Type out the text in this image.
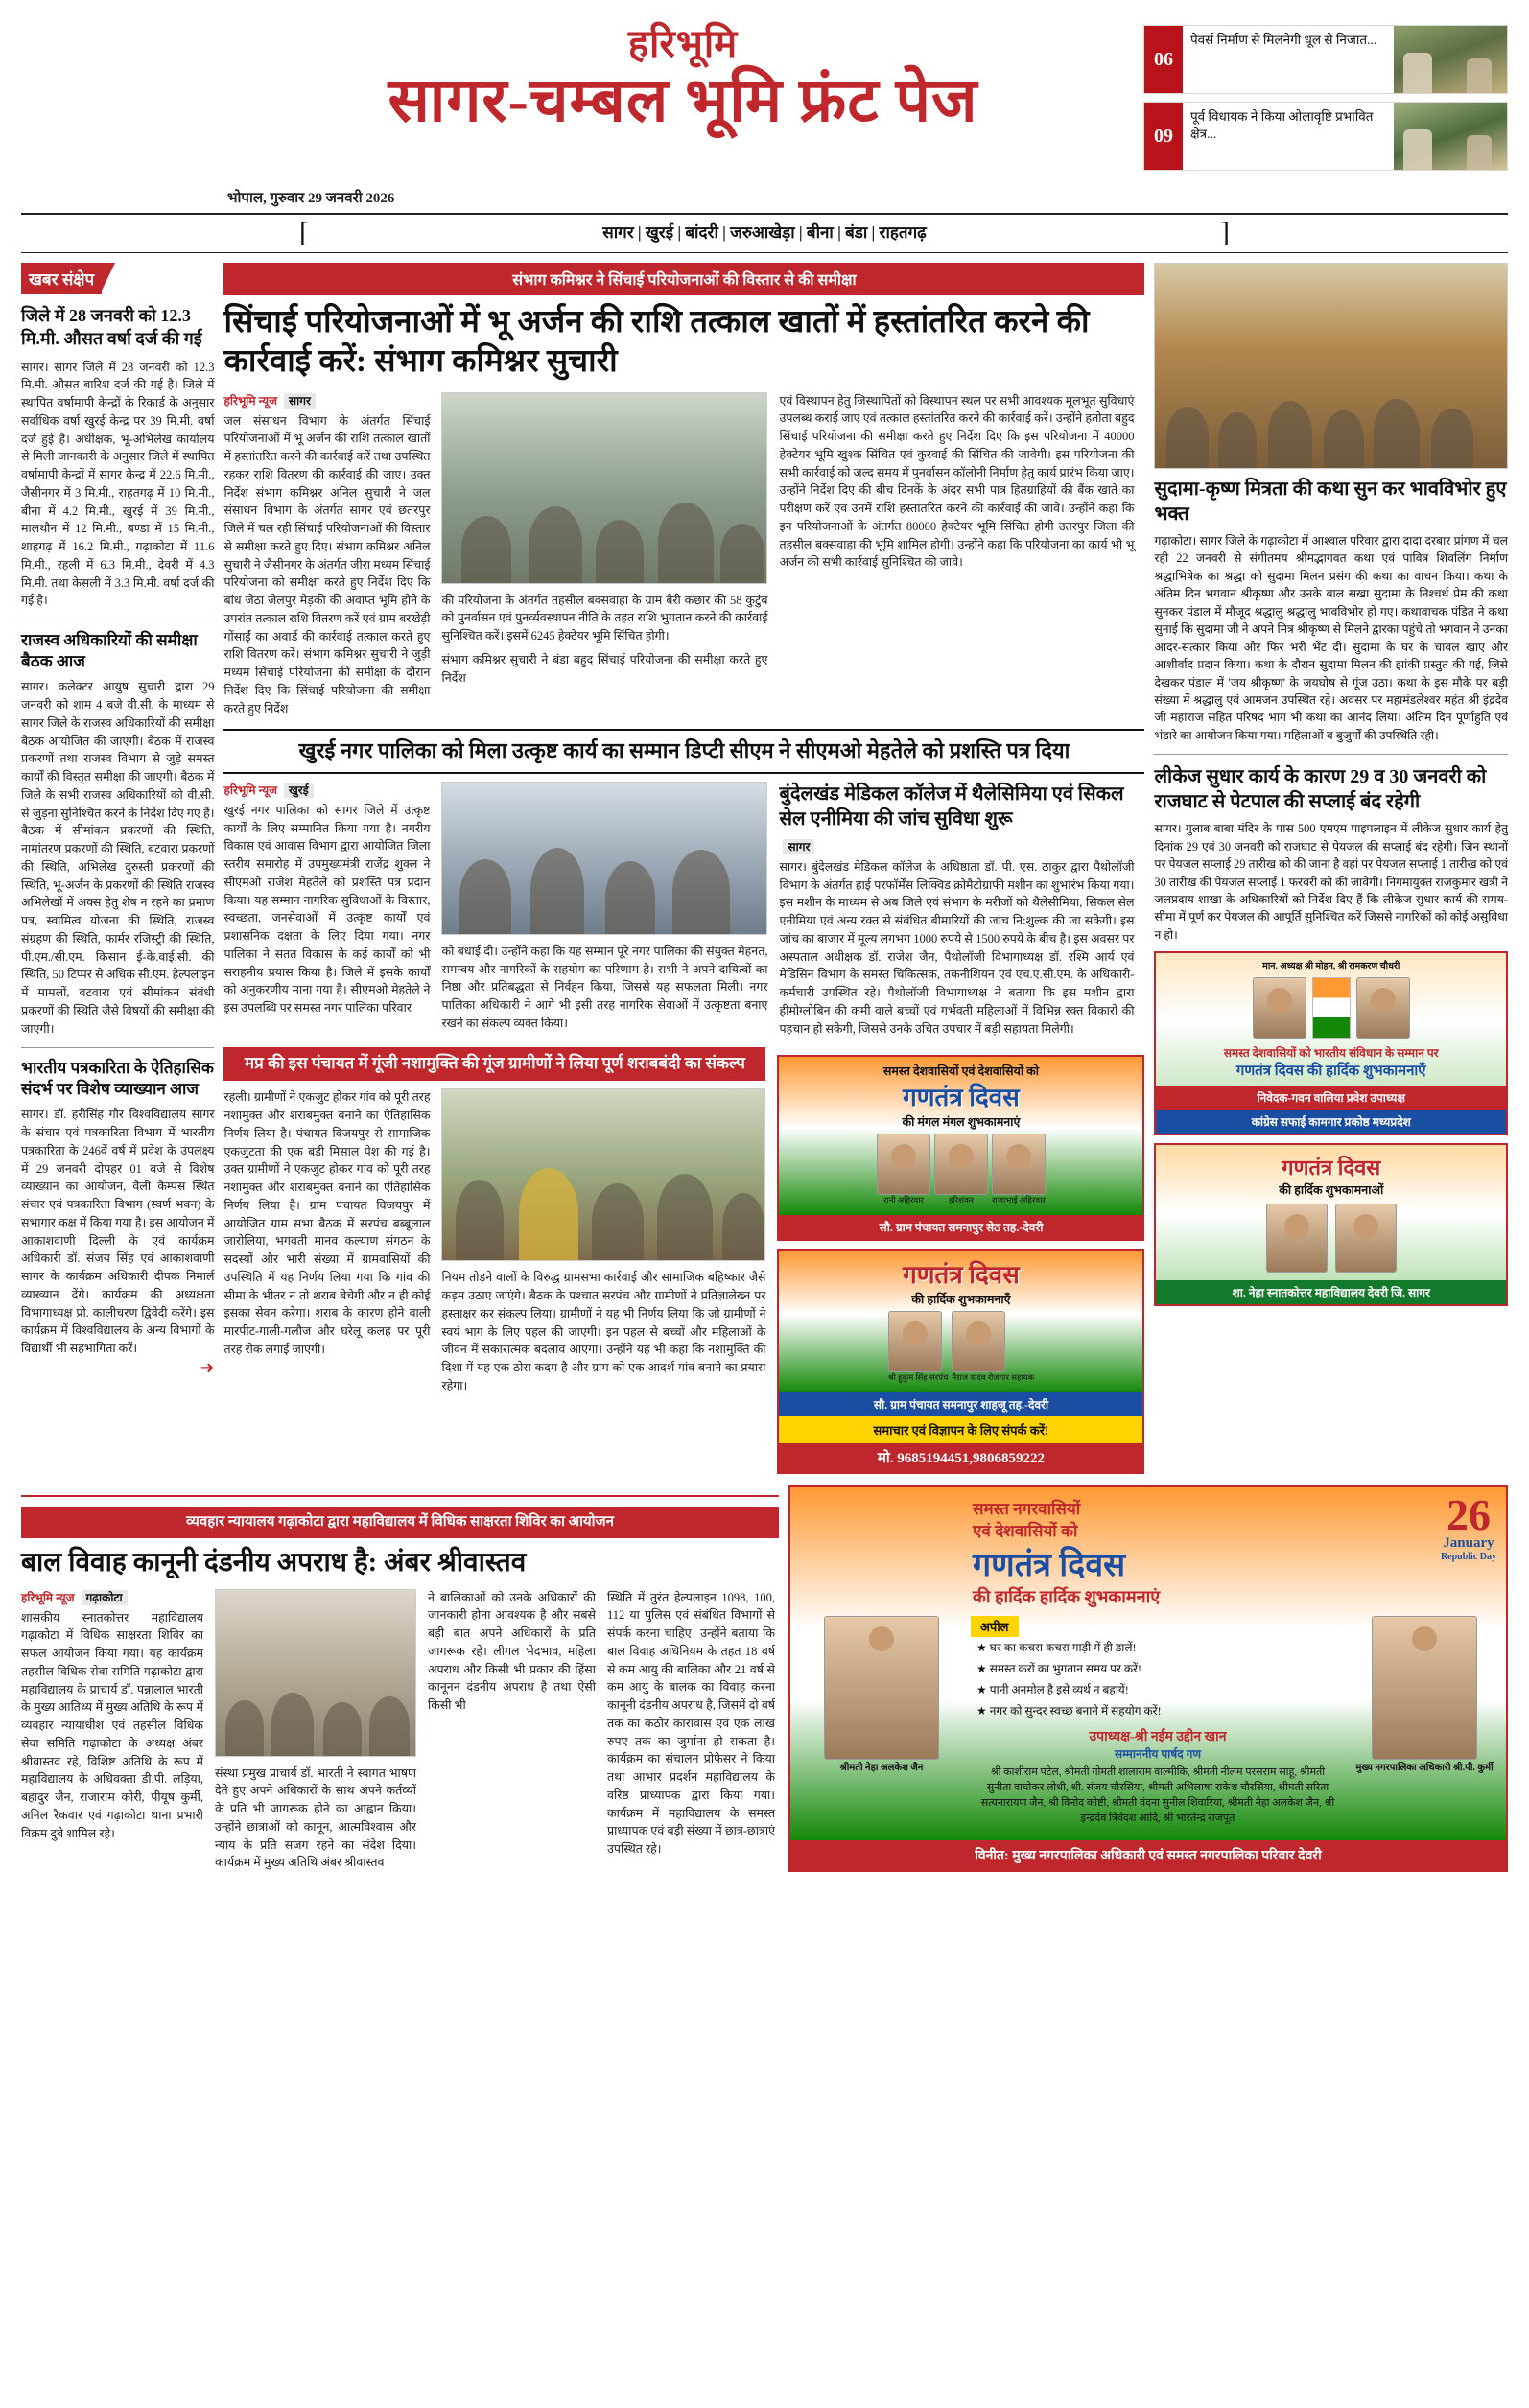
हरिभूमि
सागर-चम्बल भूमि फ्रंट पेज
भोपाल, गुरुवार 29 जनवरी 2026
06
पेवर्स निर्माण से मिलनेगी धूल से निजात...
09
पूर्व विधायक ने किया ओलावृष्टि प्रभावित क्षेत्र...
[	]
सागर | खुरई | बांदरी | जरुआखेड़ा | बीना | बंडा | राहतगढ़
खबर संक्षेप
जिले में 28 जनवरी को 12.3 मि.मी. औसत वर्षा दर्ज की गई
सागर। सागर जिले में 28 जनवरी को 12.3 मि.मी. औसत बारिश दर्ज की गई है। जिले में स्थापित वर्षामापी केन्द्रों के रिकार्ड के अनुसार सर्वाधिक वर्षा खुरई केन्द्र पर 39 मि.मी. वर्षा दर्ज हुई है। अधीक्षक, भू-अभिलेख कार्यालय से मिली जानकारी के अनुसार जिले में स्थापित वर्षामापी केन्द्रों में सागर केन्द्र में 22.6 मि.मी., जैसीनगर में 3 मि.मी., राहतगढ़ में 10 मि.मी., बीना में 4.2 मि.मी., खुरई में 39 मि.मी., मालथौन में 12 मि.मी., बण्डा में 15 मि.मी., शाहगढ़ में 16.2 मि.मी., गढ़ाकोटा में 11.6 मि.मी., रहली में 6.3 मि.मी., देवरी में 4.3 मि.मी. तथा केसली में 3.3 मि.मी. वर्षा दर्ज की गई है।
राजस्व अधिकारियों की समीक्षा बैठक आज
सागर। कलेक्टर आयुष सुचारी द्वारा 29 जनवरी को शाम 4 बजे वी.सी. के माध्यम से सागर जिले के राजस्व अधिकारियों की समीक्षा बैठक आयोजित की जाएगी। बैठक में राजस्व प्रकरणों तथा राजस्व विभाग से जुड़े समस्त कार्यों की विस्तृत समीक्षा की जाएगी। बैठक में जिले के सभी राजस्व अधिकारियों को वी.सी. से जुड़ना सुनिश्चित करने के निर्देश दिए गए हैं। बैठक में सीमांकन प्रकरणों की स्थिति, नामांतरण प्रकरणों की स्थिति, बटवारा प्रकरणों की स्थिति, अभिलेख दुरुस्ती प्रकरणों की स्थिति, भू-अर्जन के प्रकरणों की स्थिति राजस्व अभिलेखों में अक्स हेतु शेष न रहने का प्रमाण पत्र, स्वामित्व योजना की स्थिति, राजस्व संग्रहण की स्थिति, फार्मर रजिस्ट्री की स्थिति, पी.एम./सी.एम. किसान ई-के.वाई.सी. की स्थिति, 50 टिप्पर से अधिक सी.एम. हेल्पलाइन में मामलों, बटवारा एवं सीमांकन संबंधी प्रकरणों की स्थिति जैसे विषयों की समीक्षा की जाएगी।
भारतीय पत्रकारिता के ऐतिहासिक संदर्भ पर विशेष व्याख्यान आज
सागर। डॉ. हरीसिंह गौर विश्वविद्यालय सागर के संचार एवं पत्रकारिता विभाग में भारतीय पत्रकारिता के 246वें वर्ष में प्रवेश के उपलक्ष्य में 29 जनवरी दोपहर 01 बजे से विशेष व्याख्यान का आयोजन, वैली कैम्पस स्थित संचार एवं पत्रकारिता विभाग (स्वर्ण भवन) के सभागार कक्ष में किया गया है। इस आयोजन में आकाशवाणी दिल्ली के एवं कार्यक्रम अधिकारी डॉ. संजय सिंह एवं आकाशवाणी सागर के कार्यक्रम अधिकारी दीपक निमार्ल व्याख्यान देंगे। कार्यक्रम की अध्यक्षता विभागाध्यक्ष प्रो. कालीचरण द्विवेदी करेंगे। इस कार्यक्रम में विश्वविद्यालय के अन्य विभागों के विद्यार्थी भी सहभागिता करें।
➜
संभाग कमिश्नर ने सिंचाई परियोजनाओं की विस्तार से की समीक्षा
सिंचाई परियोजनाओं में भू अर्जन की राशि तत्काल खातों में हस्तांतरित करने की कार्रवाई करें: संभाग कमिश्नर सुचारी
हरिभूमि न्यूज सागर
जल संसाधन विभाग के अंतर्गत सिंचाई परियोजनाओं में भू अर्जन की राशि तत्काल खातों में हस्तांतरित करने की कार्रवाई करें तथा उपस्थित रहकर राशि वितरण की कार्रवाई की जाए। उक्त निर्देश संभाग कमिश्नर अनिल सुचारी ने जल संसाधन विभाग के अंतर्गत सागर एवं छतरपुर जिले में चल रही सिंचाई परियोजनाओं की विस्तार से समीक्षा करते हुए दिए। संभाग कमिश्नर अनिल सुचारी ने जैसीनगर के अंतर्गत जीरा मध्यम सिंचाई परियोजना को समीक्षा करते हुए निर्देश दिए कि बांध जेठा जेलपुर मेड़की की अवाप्त भूमि होने के उपरांत तत्काल राशि वितरण करें एवं ग्राम बरखेड़ी गोंसाईं का अवार्ड की कार्रवाई तत्काल करते हुए राशि वितरण करें। संभाग कमिश्नर सुचारी ने जुड़ी मध्यम सिंचाई परियोजना की समीक्षा के दौरान निर्देश दिए कि सिंचाई परियोजना की समीक्षा करते हुए निर्देश
की परियोजना के अंतर्गत तहसील बक्सवाहा के ग्राम बैरी कछार की 58 कुटुंब को पुनर्वासन एवं पुनर्व्यवस्थापन नीति के तहत राशि भुगतान करने की कार्रवाई सुनिश्चित करें। इसमें 6245 हेक्टेयर भूमि सिंचित होगी।
संभाग कमिश्नर सुचारी ने बंडा बहुद सिंचाई परियोजना की समीक्षा करते हुए निर्देश
एवं विस्थापन हेतु जिस्थापितों को विस्थापन स्थल पर सभी आवश्यक मूलभूत सुविधाएं उपलब्ध कराई जाए एवं तत्काल हस्तांतरित करने की कार्रवाई करें। उन्होंने हतोता बहुद सिंचाई परियोजना की समीक्षा करते हुए निर्देश दिए कि इस परियोजना में 40000 हेक्टेयर भूमि खुश्क सिंचित एवं कुरवाई की सिंचित की जावेगी। इस परियोजना की सभी कार्रवाई को जल्द समय में पुनर्वासन कॉलोनी निर्माण हेतु कार्य प्रारंभ किया जाए। उन्होंने निर्देश दिए की बीच दिनकें के अंदर सभी पात्र हितग्राहियों की बैंक खाते का परीक्षण करें एवं उनमें राशि हस्तांतरित करने की कार्रवाई की जावे। उन्होंने कहा कि इन परियोजनाओं के अंतर्गत 80000 हेक्टेयर भूमि सिंचित होगी उतरपुर जिला की तहसील बक्सवाहा की भूमि शामिल होगी। उन्होंने कहा कि परियोजना का कार्य भी भू अर्जन की सभी कार्रवाई सुनिश्चित की जावे।
खुरई नगर पालिका को मिला उत्कृष्ट कार्य का सम्मान डिप्टी सीएम ने सीएमओ मेहतेले को प्रशस्ति पत्र दिया
हरिभूमि न्यूज खुरई
खुरई नगर पालिका को सागर जिले में उत्कृष्ट कार्यों के लिए सम्मानित किया गया है। नगरीय विकास एवं आवास विभाग द्वारा आयोजित जिला स्तरीय समारोह में उपमुख्यमंत्री राजेंद्र शुक्ल ने सीएमओ राजेश मेहतेले को प्रशस्ति पत्र प्रदान किया। यह सम्मान नागरिक सुविधाओं के विस्तार, स्वच्छता, जनसेवाओं में उत्कृष्ट कार्यों एवं प्रशासनिक दक्षता के लिए दिया गया। नगर पालिका ने सतत विकास के कई कार्यों को भी सराहनीय प्रयास किया है। जिले में इसके कार्यों को अनुकरणीय माना गया है। सीएमओ मेहतेले ने इस उपलब्धि पर समस्त नगर पालिका परिवार
को बधाई दी। उन्होंने कहा कि यह सम्मान पूरे नगर पालिका की संयुक्त मेहनत, समन्वय और नागरिकों के सहयोग का परिणाम है। सभी ने अपने दायित्वों का निष्ठा और प्रतिबद्धता से निर्वहन किया, जिससे यह सफलता मिली। नगर पालिका अधिकारी ने आगे भी इसी तरह नागरिक सेवाओं में उत्कृष्टता बनाए रखने का संकल्प व्यक्त किया।
बुंदेलखंड मेडिकल कॉलेज में थैलेसिमिया एवं सिकल सेल एनीमिया की जांच सुविधा शुरू
सागर
सागर। बुंदेलखंड मेडिकल कॉलेज के अधिष्ठाता डॉ. पी. एस. ठाकुर द्वारा पैथोलॉजी विभाग के अंतर्गत हाई परफॉर्मेंस लिक्विड क्रोमैटोग्राफी मशीन का शुभारंभ किया गया। इस मशीन के माध्यम से अब जिले एवं संभाग के मरीजों को थैलेसीमिया, सिकल सेल एनीमिया एवं अन्य रक्त से संबंधित बीमारियों की जांच नि:शुल्क की जा सकेगी। इस जांच का बाजार में मूल्य लगभग 1000 रुपये से 1500 रुपये के बीच है। इस अवसर पर अस्पताल अधीक्षक डॉ. राजेश जैन, पैथोलॉजी विभागाध्यक्ष डॉ. रश्मि आर्य एवं मेडिसिन विभाग के समस्त चिकित्सक, तकनीशियन एवं एच.ए.सी.एम. के अधिकारी-कर्मचारी उपस्थित रहे। पैथोलॉजी विभागाध्यक्ष ने बताया कि इस मशीन द्वारा हीमोग्लोबिन की कमी वाले बच्चों एवं गर्भवती महिलाओं में विभिन्न रक्त विकारों की पहचान हो सकेगी, जिससे उनके उचित उपचार में बड़ी सहायता मिलेगी।
मप्र की इस पंचायत में गूंजी नशामुक्ति की गूंज ग्रामीणों ने लिया पूर्ण शराबबंदी का संकल्प
रहली। ग्रामीणों ने एकजुट होकर गांव को पूरी तरह नशामुक्त और शराबमुक्त बनाने का ऐतिहासिक निर्णय लिया है। पंचायत विजयपुर से सामाजिक एकजुटता की एक बड़ी मिसाल पेश की गई है। उक्त ग्रामीणों ने एकजुट होकर गांव को पूरी तरह नशामुक्त और शराबमुक्त बनाने का ऐतिहासिक निर्णय लिया है। ग्राम पंचायत विजयपुर में आयोजित ग्राम सभा बैठक में सरपंच बब्बूलाल जारोलिया, भगवती मानव कल्याण संगठन के सदस्यों और भारी संख्या में ग्रामवासियों की उपस्थिति में यह निर्णय लिया गया कि गांव की सीमा के भीतर न तो शराब बेचेगी और न ही कोई इसका सेवन करेगा। शराब के कारण होने वाली मारपीट-गाली-गलौज और घरेलू कलह पर पूरी तरह रोक लगाई जाएगी।
नियम तोड़ने वालों के विरुद्ध ग्रामसभा कार्रवाई और सामाजिक बहिष्कार जैसे कड़म उठाए जाएंगे। बैठक के पश्चात सरपंच और ग्रामीणों ने प्रतिज्ञालेख्न पर हस्ताक्षर कर संकल्प लिया। ग्रामीणों ने यह भी निर्णय लिया कि जो ग्रामीणों ने स्वयं भाग के लिए पहल की जाएगी। इन पहल से बच्चों और महिलाओं के जीवन में सकारात्मक बदलाव आएगा। उन्होंने यह भी कहा कि नशामुक्ति की दिशा में यह एक ठोस कदम है और ग्राम को एक आदर्श गांव बनाने का प्रयास रहेगा।
समस्त देशवासियों एवं देशवासियों को
गणतंत्र दिवस
की मंगल मंगल शुभकामनाएं
रानी अहिरवार	हरिशंकर	राजाभाई अहिरवार
सौ. ग्राम पंचायत समनापुर सेठ तह.-देवरी
गणतंत्र दिवस
की हार्दिक शुभकामनाएँ
श्री हुकुम सिंह सरपंच नैराज यादव रोजगार सहायक
सौ. ग्राम पंचायत समनापुर शाहजू तह.-देवरी
समाचार एवं विज्ञापन के लिए संपर्क करें!
मो. 9685194451,9806859222
सुदामा-कृष्ण मित्रता की कथा सुन कर भावविभोर हुए भक्त
गढ़ाकोटा। सागर जिले के गढ़ाकोटा में आश्वाल परिवार द्वारा दादा दरबार प्रांगण में चल रही 22 जनवरी से संगीतमय श्रीमद्भागवत कथा एवं पावित्र शिवलिंग निर्माण श्रद्धाभिषेक का श्रद्धा को सुदामा मिलन प्रसंग की कथा का वाचन किया। कथा के अंतिम दिन भगवान श्रीकृष्ण और उनके बाल सखा सुदामा के निश्चर्थ प्रेम की कथा सुनकर पंडाल में मौजूद श्रद्धालु श्रद्धालु भावविभोर हो गए। कथावाचक पंडित ने कथा सुनाई कि सुदामा जी ने अपने मित्र श्रीकृष्ण से मिलने द्वारका पहुंचे तो भगवान ने उनका आदर-सत्कार किया और फिर भरी भेंट दी। सुदामा के घर के चावल खाए और आशीर्वाद प्रदान किया। कथा के दौरान सुदामा मिलन की झांकी प्रस्तुत की गई, जिसे देखकर पंडाल में 'जय श्रीकृष्ण' के जयघोष से गूंज उठा। कथा के इस मौके पर बड़ी संख्या में श्रद्धालु एवं आमजन उपस्थित रहे। अवसर पर महामंडलेश्वर महंत श्री इंद्रदेव जी महाराज सहित परिषद भाग भी कथा का आनंद लिया। अंतिम दिन पूर्णाहुति एवं भंडारे का आयोजन किया गया। महिलाओं व बुजुर्गों की उपस्थिति रही।
लीकेज सुधार कार्य के कारण 29 व 30 जनवरी को राजघाट से पेटपाल की सप्लाई बंद रहेगी
सागर। गुलाब बाबा मंदिर के पास 500 एमएम पाइपलाइन में लीकेज सुधार कार्य हेतु दिनांक 29 एवं 30 जनवरी को राजघाट से पेयजल की सप्लाई बंद रहेगी। जिन स्थानों पर पेयजल सप्लाई 29 तारीख को की जाना है वहां पर पेयजल सप्लाई 1 तारीख को एवं 30 तारीख की पेयजल सप्लाई 1 फरवरी को की जावेगी। निगमायुक्त राजकुमार खत्री ने जलप्रदाय शाखा के अधिकारियों को निर्देश दिए हैं कि लीकेज सुधार कार्य की समय-सीमा में पूर्ण कर पेयजल की आपूर्ति सुनिश्चित करें जिससे नागरिकों को कोई असुविधा न हो।
मान. अध्यक्ष श्री मोहन, श्री रामकरण चौधरी
समस्त देशवासियों को भारतीय संविधान के सम्मान पर
गणतंत्र दिवस की हार्दिक शुभकामनाएँ
निवेदक-गवन वालिया प्रवेश उपाध्यक्ष
कांग्रेस सफाई कामगार प्रकोष्ठ मध्यप्रदेश
गणतंत्र दिवस
की हार्दिक शुभकामनाओं
शा. नेहा स्नातकोत्तर महाविद्यालय देवरी जि. सागर
व्यवहार न्यायालय गढ़ाकोटा द्वारा महाविद्यालय में विधिक साक्षरता शिविर का आयोजन
बाल विवाह कानूनी दंडनीय अपराध है: अंबर श्रीवास्तव
हरिभूमि न्यूज गढ़ाकोटा
शासकीय स्नातकोत्तर महाविद्यालय गढ़ाकोटा में विधिक साक्षरता शिविर का सफल आयोजन किया गया। यह कार्यक्रम तहसील विधिक सेवा समिति गढ़ाकोटा द्वारा महाविद्यालय के प्राचार्य डॉ. पन्नालाल भारती के मुख्य आतिथ्य में मुख्य अतिथि के रूप में व्यवहार न्यायाधीश एवं तहसील विधिक सेवा समिति गढ़ाकोटा के अध्यक्ष अंबर श्रीवास्तव रहे, विशिष्ट अतिथि के रूप में महाविद्यालय के अधिवक्ता डी.पी. लड़िया, बहादुर जैन, राजाराम कोरी, पीयूष कुर्मी, अनिल रैकवार एवं गढ़ाकोटा थाना प्रभारी विक्रम दुबे शामिल रहे।
संस्था प्रमुख प्राचार्य डॉ. भारती ने स्वागत भाषण देते हुए अपने अधिकारों के साथ अपने कर्तव्यों के प्रति भी जागरूक होने का आह्वान किया। उन्होंने छात्राओं को कानून, आत्मविश्वास और न्याय के प्रति सजग रहने का संदेश दिया। कार्यक्रम में मुख्य अतिथि अंबर श्रीवास्तव
ने बालिकाओं को उनके अधिकारों की जानकारी होना आवश्यक है और सबसे बड़ी बात अपने अधिकारों के प्रति जागरूक रहें। लीगल भेदभाव, महिला अपराध और किसी भी प्रकार की हिंसा कानूनन दंडनीय अपराध है तथा ऐसी किसी भी
स्थिति में तुरंत हेल्पलाइन 1098, 100, 112 या पुलिस एवं संबंधित विभागों से संपर्क करना चाहिए। उन्होंने बताया कि बाल विवाह अधिनियम के तहत 18 वर्ष से कम आयु की बालिका और 21 वर्ष से कम आयु के बालक का विवाह करना कानूनी दंडनीय अपराध है, जिसमें दो वर्ष तक का कठोर कारावास एवं एक लाख रुपए तक का जुर्माना हो सकता है। कार्यक्रम का संचालन प्रोफेसर ने किया तथा आभार प्रदर्शन महाविद्यालय के वरिष्ठ प्राध्यापक द्वारा किया गया। कार्यक्रम में महाविद्यालय के समस्त प्राध्यापक एवं बड़ी संख्या में छात्र-छात्राएं उपस्थित रहे।
26
January
Republic Day
समस्त नगरवासियों
एवं देशवासियों को
गणतंत्र दिवस
की हार्दिक हार्दिक शुभकामनाएं
श्रीमती नेहा अलकेश जैन
अपील
★ घर का कचरा कचरा गाड़ी में ही डालें!
★ समस्त करों का भुगतान समय पर करें!
★ पानी अनमोल है इसे व्यर्थ न बहायें!
★ नगर को सुन्दर स्वच्छ बनाने में सहयोग करें!
उपाध्यक्ष-श्री नईम उद्दीन खान
सम्माननीय पार्षद गण
श्री काशीराम पटेल, श्रीमती गोमती शालाराम वाल्मीकि, श्रीमती नीलम परसराम साहू, श्रीमती सुनीता वाघोकर लोधी, श्री. संजय चौरसिया, श्रीमती अभिलाषा राकेश चौरसिया, श्रीमती सरिता सत्यनारायण जैन, श्री विनोद कोष्टी, श्रीमती वंदना सुनील शिवारिया, श्रीमती नेहा अलकेश जैन, श्री इन्द्रदेव त्रिवेदश आदि, श्री भारतेन्द्र राजपूत
मुख्य नगरपालिका अधिकारी श्री.पी. कुर्मी
विनीत: मुख्य नगरपालिका अधिकारी एवं समस्त नगरपालिका परिवार देवरी
